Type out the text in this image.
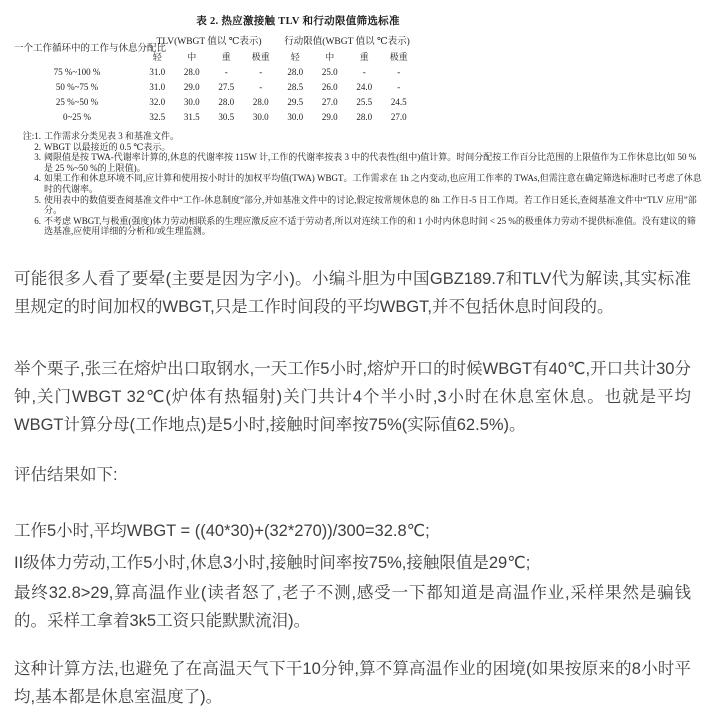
表 2. 热应激接触 TLV 和行动限值筛选标准
一个工作循环中的工作与休息分配比	TLV(WBGT 值以 ℃表示)				行动限值(WBGT 值以 ℃表示)			
	轻	中	重	极重	轻	中	重	极重
75 %~100 %	31.0	28.0	-	-	28.0	25.0	-	-
50 %~75 %	31.0	29.0	27.5	-	28.5	26.0	24.0	-
25 %~50 %	32.0	30.0	28.0	28.0	29.5	27.0	25.5	24.5
0~25 %	32.5	31.5	30.5	30.0	30.0	29.0	28.0	27.0
注:1. 工作需求分类见表 3 和基准文件。
2. WBGT 以最接近的 0.5 ℃表示。
3. 阈限值是按 TWA-代谢率计算的,休息的代谢率按 115W 计,工作的代谢率按表 3 中的代表性(组中)值计算。时间分配按工作百分比范围的上限值作为工作休息比(如 50 %是 25 %~50 %的上限值)。
4. 如果工作和休息环境不同,应计算和使用按小时计的加权平均值(TWA) WBGT。工作需求在 1h 之内变动,也应用工作率的 TWAs,但需注意在确定筛选标准时已考虑了休息时的代谢率。
5. 使用表中的数值要查阅基准文件中“工作-休息制度”部分,并如基准文件中的讨论,假定按常规休息的 8h 工作日-5 日工作周。若工作日延长,查阅基准文件中“TLV 应用”部分。
6. 不考虑 WBGT,与极重(强度)体力劳动相联系的生理应激反应不适于劳动者,所以对连续工作的和 1 小时内休息时间 < 25 %的极重体力劳动不提供标准值。没有建议的筛选基准,应使用详细的分析和/或生理监测。

可能很多人看了要晕(主要是因为字小)。小编斗胆为中国GBZ189.7和TLV代为解读,其实标准里规定的时间加权的WBGT,只是工作时间段的平均WBGT,并不包括休息时间段的。

举个栗子,张三在熔炉出口取钢水,一天工作5小时,熔炉开口的时候WBGT有40℃,开口共计30分钟,关门WBGT 32℃(炉体有热辐射)关门共计4个半小时,3小时在休息室休息。也就是平均WBGT计算分母(工作地点)是5小时,接触时间率按75%(实际值62.5%)。

评估结果如下:

工作5小时,平均WBGT = ((40*30)+(32*270))/300=32.8℃;

II级体力劳动,工作5小时,休息3小时,接触时间率按75%,接触限值是29℃;

最终32.8>29,算高温作业(读者怒了,老子不测,感受一下都知道是高温作业,采样果然是骗钱的。采样工拿着3k5工资只能默默流泪)。

这种计算方法,也避免了在高温天气下干10分钟,算不算高温作业的困境(如果按原来的8小时平均,基本都是休息室温度了)。
